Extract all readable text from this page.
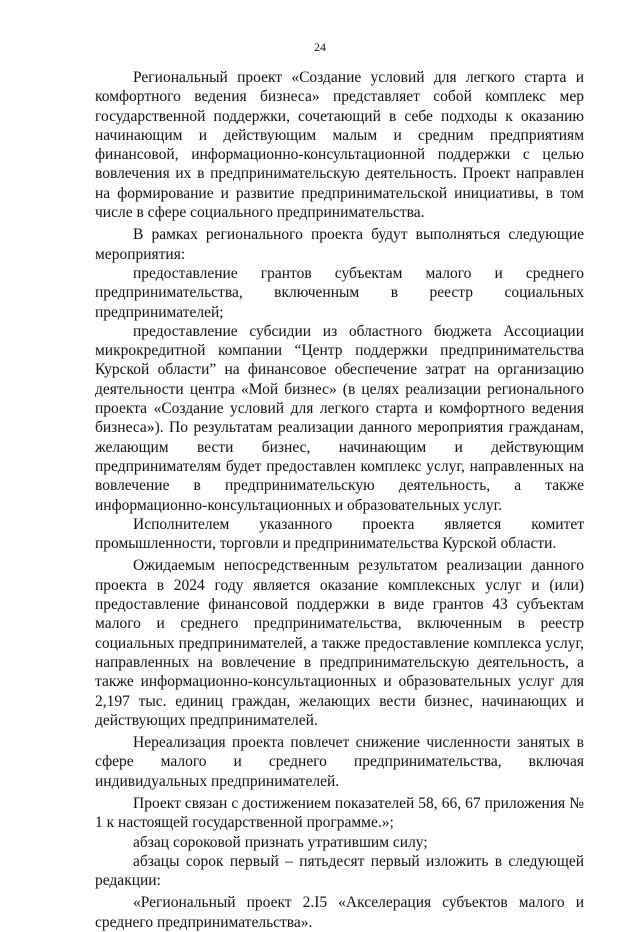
24

Региональный проект «Создание условий для легкого старта и комфортного ведения бизнеса» представляет собой комплекс мер государственной поддержки, сочетающий в себе подходы к оказанию начинающим и действующим малым и средним предприятиям финансовой, информационно-консультационной поддержки с целью вовлечения их в предпринимательскую деятельность. Проект направлен на формирование и развитие предпринимательской инициативы, в том числе в сфере социального предпринимательства.

В рамках регионального проекта будут выполняться следующие мероприятия:

предоставление грантов субъектам малого и среднего предпринимательства, включенным в реестр социальных предпринимателей;

предоставление субсидии из областного бюджета Ассоциации микрокредитной компании “Центр поддержки предпринимательства Курской области” на финансовое обеспечение затрат на организацию деятельности центра «Мой бизнес» (в целях реализации регионального проекта «Создание условий для легкого старта и комфортного ведения бизнеса»). По результатам реализации данного мероприятия гражданам, желающим вести бизнес, начинающим и действующим предпринимателям будет предоставлен комплекс услуг, направленных на вовлечение в предпринимательскую деятельность, а также информационно-консультационных и образовательных услуг.

Исполнителем указанного проекта является комитет промышленности, торговли и предпринимательства Курской области.

Ожидаемым непосредственным результатом реализации данного проекта в 2024 году является оказание комплексных услуг и (или) предоставление финансовой поддержки в виде грантов 43 субъектам малого и среднего предпринимательства, включенным в реестр социальных предпринимателей, а также предоставление комплекса услуг, направленных на вовлечение в предпринимательскую деятельность, а также информационно-консультационных и образовательных услуг для 2,197 тыс. единиц граждан, желающих вести бизнес, начинающих и действующих предпринимателей.

Нереализация проекта повлечет снижение численности занятых в сфере малого и среднего предпринимательства, включая индивидуальных предпринимателей.

Проект связан с достижением показателей 58, 66, 67 приложения № 1 к настоящей государственной программе.»;

абзац сороковой признать утратившим силу;

абзацы сорок первый – пятьдесят первый изложить в следующей редакции:

«Региональный проект 2.I5 «Акселерация субъектов малого и среднего предпринимательства».
